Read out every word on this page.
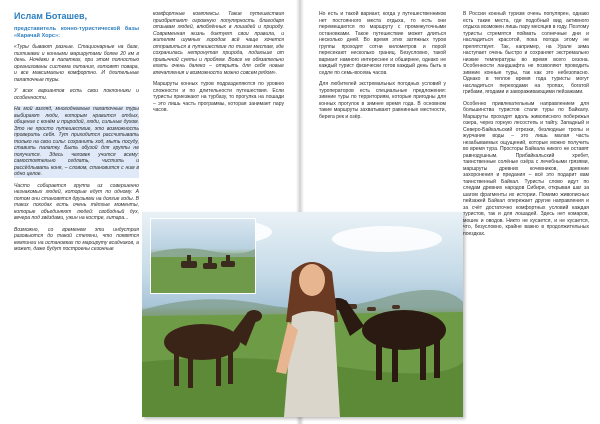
Ислам Боташев,

представитель конно-туристической базы «Карачай Хорс»:

«Туры бывают разные. Стационарные на базе, пштиками и конными маршрутами более 20 км в день. Ночёвки в палатках, при этом полностью организованы система питания, готовят повара, и все максимально комфортно. И длительные палаточные туры.

У всех вариантов есть свои поклонники и особенности.

На мой взгляд, многодневные палаточные туры выбирают люди, которым нравится отдых, общение с конём и природой, люди, сильные духом. Это не просто путешествие, это возможность проверить себя. Тут приходится рассчитывать только на свои силы: сохранить ход, мыть посуду, ставить палатку. Быть обузой для группы не получится. Здесь человек учится всему: самостоятельно седлать, чистить и рассёдлывать коня, – словом, становится с ним в одно целое.

Часто собирается группа из совершенно незнакомых людей, которые едут по одному. А потом они становятся друзьями на долгие годы. В таких походах есть очень тёплые моменты, которые объединяют людей: свободный дух, вечера под звёздами, ужин на костре, гитара...

Возможно, со временем эти индустрия разовьются до такой степени, что появятся кемпинги на остановках по маршруту всадников, а может, даже будут построены сезонные

комфортные комплексы. Такие путешествия приобретают огромную популярность благодаря отзывам людей, влюблённых в лошадей и природу. Современная жизнь диктует свои правила, и жителям шумных городов всё чаще хочется отправиться в путешествие по тихим местам, где сохранилась нетронутая природа, подальше от привычной суеты и проблем. Вовсе не обязательно ехать очень далеко – открыть для себя новые впечатления и возможности можно совсем рядом».

Маршруты конных туров подразделяются по уровню сложности и по длительности путешествия. Если туристы приезжают на турбазу, то прогулка на лошади – это лишь часть программы, которая занимает пару часов.

Но есть и такой вариант, когда у путешественников нет постоянного места отдыха, то есть они перемещаются по маршруту с промежуточными остановками. Такое путешествие может длиться несколько дней. Во время этих затяжных туров группы проходят сотни километров и порой пересекают несколько границ. Безусловно, такой вариант намного интереснее и обширнее, однако не каждый турист физически готов каждый день быть в седле по семь-восемь часов.

Для любителей экстремальных погодных условий у туроператоров есть специальные предложения: зимние туры по территориям, которые пригодны для конных прогулок в зимнее время года. В основном такие маршруты захватывают равнинные местности, берега рек и озёр.

В России конный туризм очень популярен, однако есть такие места, где подобный вид активного отдыха возможен лишь пару месяцев в году. Поэтому туристы стремятся поймать солнечные дни и насладиться красотой, пока погода этому не препятствует. Так, например, на Урале зима наступает очень быстро и сохраняет экстремально низкие температуры во время всего сезона. Особенности ландшафта не позволяют проводить зимние конные туры, так как это небезопасно. Однако в теплое время года туристы могут насладиться переходами на тропах, богатой грибами, ягодами и завораживающими пейзажами.

Особенно привлекательным направлением для большинства туристов стали туры по Байкалу. Маршруты проходят вдоль живописного побережья озера, через горную лесостепь и тайгу. Западный и Северо-Байкальский отрезки, безлюдные тропы и журчание воды – это лишь малая часть незабываемых ощущений, которые можно получить во время тура. Просторы Байкала никого не оставят равнодушным. Прибайкальский хребет, таинственные солёные озёра с лечебными грязями, маршруты древних кочевников, древние захоронения и предания – всё это подарит вам таинственный Байкал. Туристы слово идут по следам древних народов Сибири, открывая шаг за шагом фрагменты их истории. Помимо живописных пейзажей Байкал опережает другие направления и за счёт достаточно комфортных условий каждая туристов, так и для лошадей. Здесь нет комаров, мошек и оводов. Никто не кусается, и не кусается, что, безусловно, крайне важно в продолжительных поездках.
